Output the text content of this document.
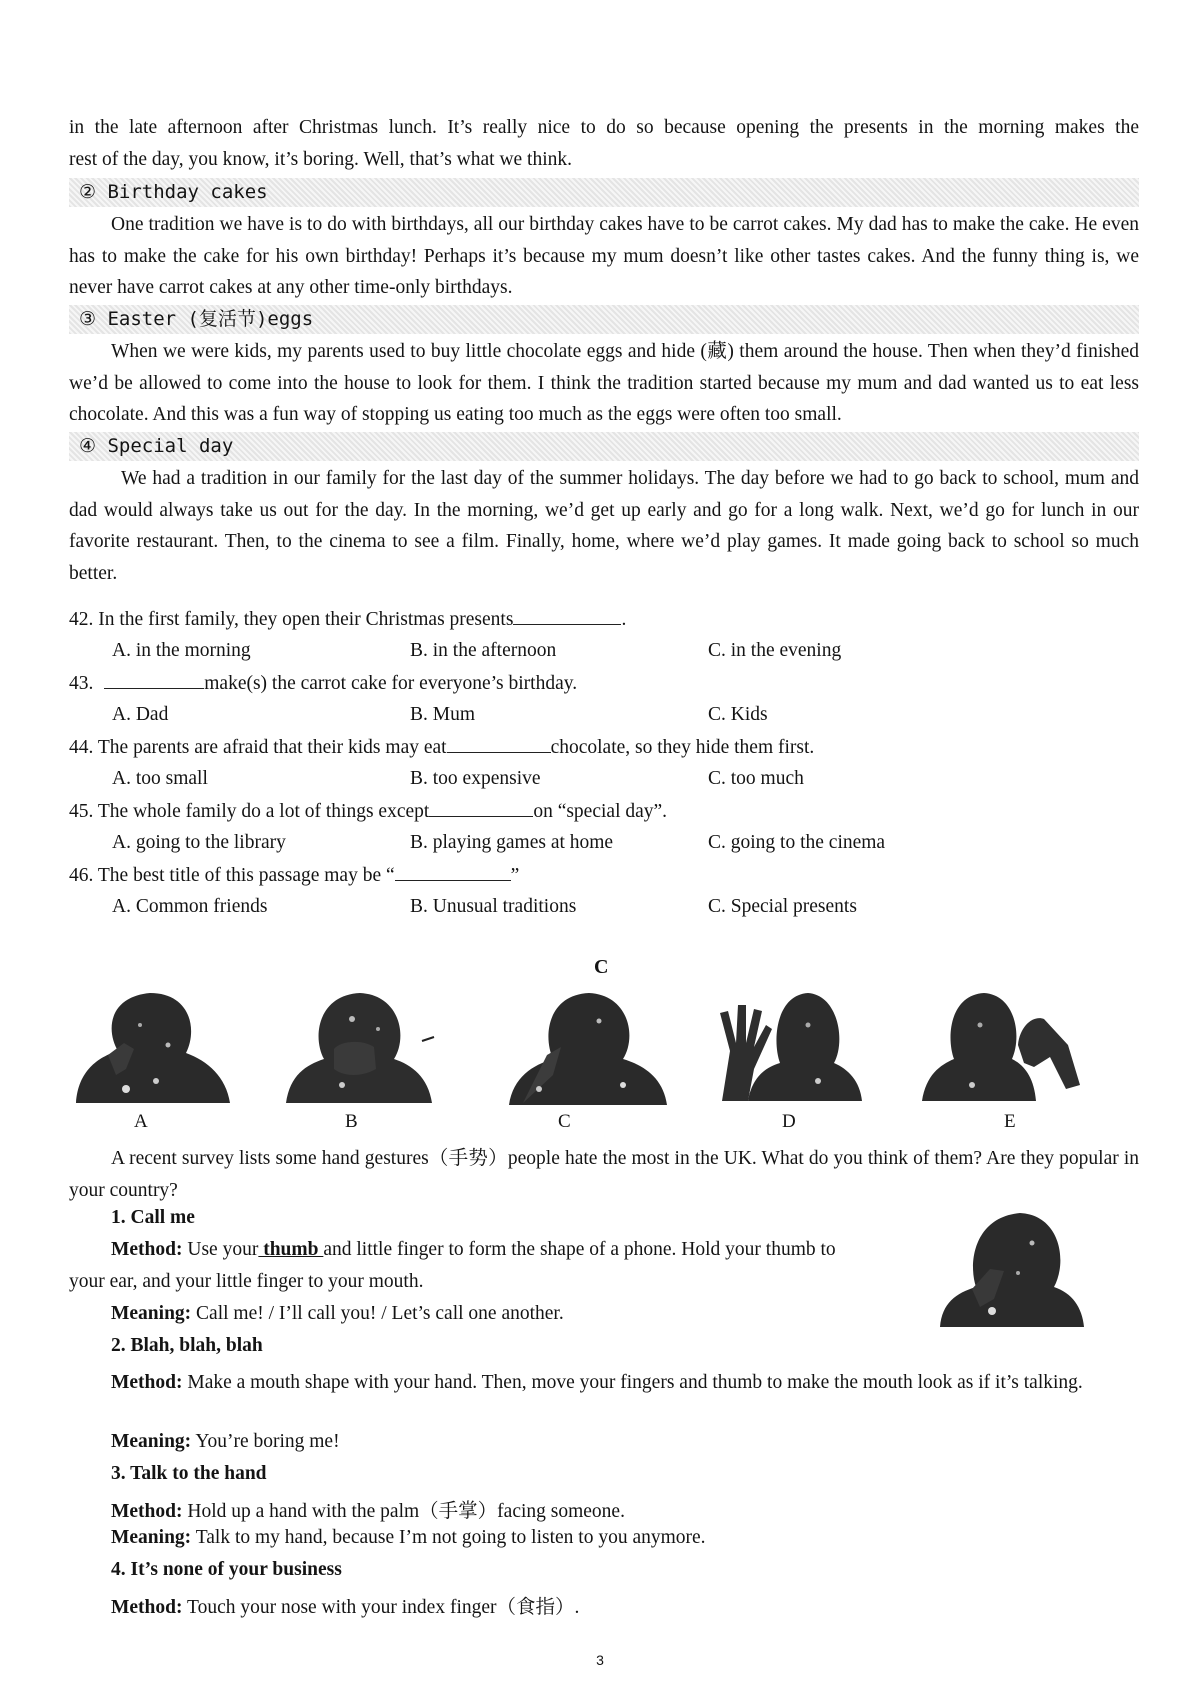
in the late afternoon after Christmas lunch. It’s really nice to do so because opening the presents in the morning makes the
rest of the day, you know, it’s boring. Well, that’s what we think.
② Birthday cakes
One tradition we have is to do with birthdays, all our birthday cakes have to be carrot cakes. My dad has to make the cake. He even has to make the cake for his own birthday! Perhaps it’s because my mum doesn’t like other tastes cakes. And the funny thing is, we never have carrot cakes at any other time-only birthdays.
③ Easter (复活节)eggs
When we were kids, my parents used to buy little chocolate eggs and hide (藏) them around the house. Then when they’d finished we’d be allowed to come into the house to look for them. I think the tradition started because my mum and dad wanted us to eat less chocolate. And this was a fun way of stopping us eating too much as the eggs were often too small.
④ Special day
We had a tradition in our family for the last day of the summer holidays. The day before we had to go back to school, mum and dad would always take us out for the day. In the morning, we’d get up early and go for a long walk. Next, we’d go for lunch in our favorite restaurant. Then, to the cinema to see a film. Finally, home, where we’d play games. It made going back to school so much better.
42. In the first family, they open their Christmas presents	.
A. in the morning	B. in the afternoon	C. in the evening
43.	make(s) the carrot cake for everyone’s birthday.
A. Dad	B. Mum	C. Kids
44. The parents are afraid that their kids may eat	chocolate, so they hide them first.
A. too small	B. too expensive	C. too much
45. The whole family do a lot of things except	on “special day”.
A. going to the library	B. playing games at home	C. going to the cinema
46. The best title of this passage may be “	”
A. Common friends	B. Unusual traditions	C. Special presents
C
A	B	C	D	E
A recent survey lists some hand gestures（手势）people hate the most in the UK. What do you think of them? Are they popular in your country?
1. Call me
Method: Use your thumb and little finger to form the shape of a phone. Hold your thumb to
your ear, and your little finger to your mouth.
Meaning: Call me! / I’ll call you! / Let’s call one another.
2. Blah, blah, blah
Method: Make a mouth shape with your hand. Then, move your fingers and thumb to make the mouth look as if it’s talking.
Meaning: You’re boring me!
3. Talk to the hand
Method: Hold up a hand with the palm（手掌）facing someone.
Meaning: Talk to my hand, because I’m not going to listen to you anymore.
4. It’s none of your business
Method: Touch your nose with your index finger（食指）.
3
